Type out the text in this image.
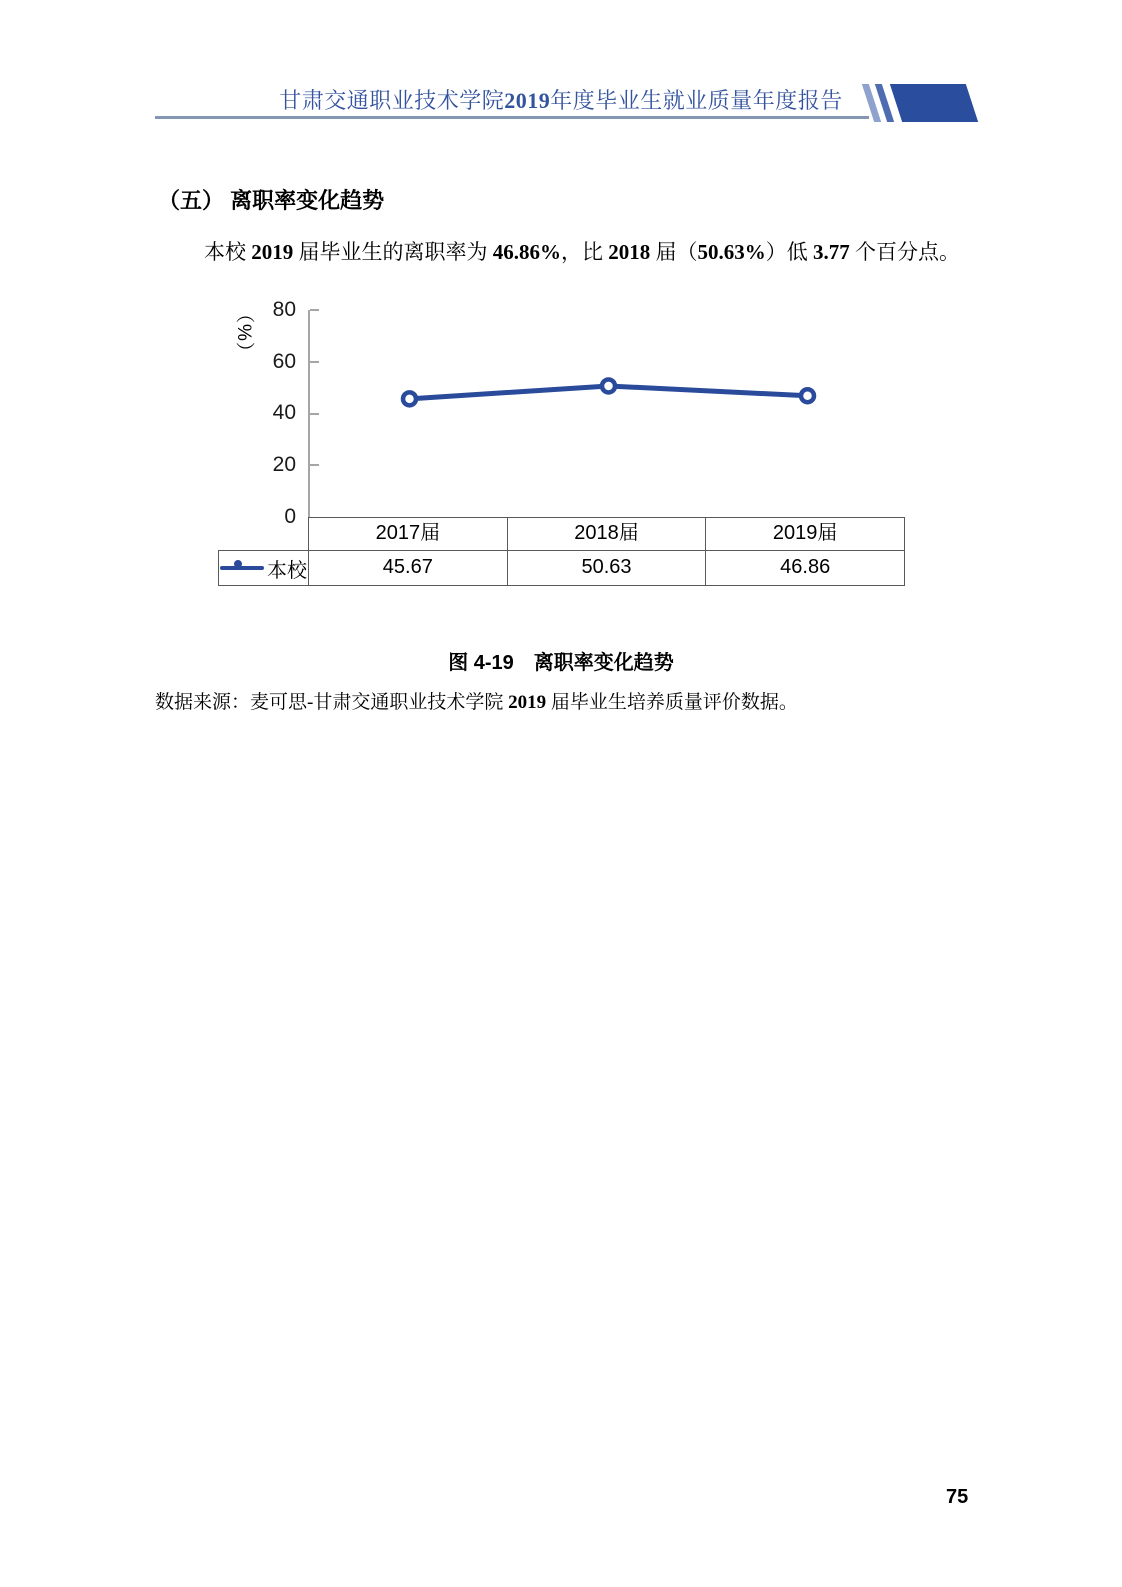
甘肃交通职业技术学院2019年度毕业生就业质量年度报告
（五） 离职率变化趋势
本校 2019 届毕业生的离职率为 46.86%，比 2018 届（50.63%）低 3.77 个百分点。
（%） 80
60
40
20
0
2017届	2018届	2019届
本校	45.67	50.63	46.86
图 4-19　离职率变化趋势
数据来源：麦可思-甘肃交通职业技术学院 2019 届毕业生培养质量评价数据。
75
